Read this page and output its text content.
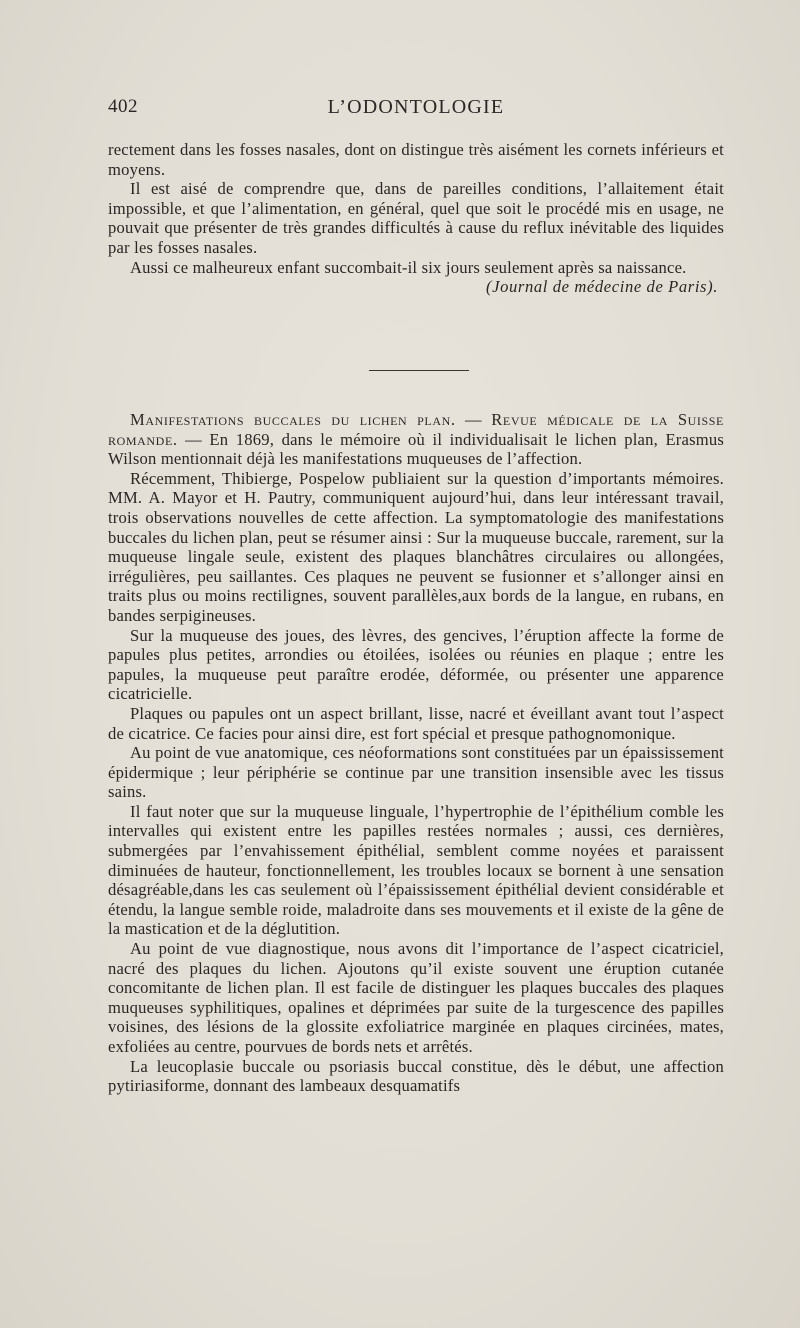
402	L’ODONTOLOGIE

rectement dans les fosses nasales, dont on distingue très aisément les cornets inférieurs et moyens.

Il est aisé de comprendre que, dans de pareilles conditions, l’allaitement était impossible, et que l’alimentation, en général, quel que soit le procédé mis en usage, ne pouvait que présenter de très grandes difficultés à cause du reflux inévitable des liquides par les fosses nasales.

Aussi ce malheureux enfant succombait-il six jours seulement après sa naissance.

(Journal de médecine de Paris).

Manifestations buccales du lichen plan. — Revue médicale de la Suisse romande. — En 1869, dans le mémoire où il individualisait le lichen plan, Erasmus Wilson mentionnait déjà les manifestations muqueuses de l’affection.

Récemment, Thibierge, Pospelow publiaient sur la question d’importants mémoires. MM. A. Mayor et H. Pautry, communiquent aujourd’hui, dans leur intéressant travail, trois observations nouvelles de cette affection. La symptomatologie des manifestations buccales du lichen plan, peut se résumer ainsi : Sur la muqueuse buccale, rarement, sur la muqueuse lingale seule, existent des plaques blanchâtres circulaires ou allongées, irrégulières, peu saillantes. Ces plaques ne peuvent se fusionner et s’allonger ainsi en traits plus ou moins rectilignes, souvent parallèles,aux bords de la langue, en rubans, en bandes serpigineuses.

Sur la muqueuse des joues, des lèvres, des gencives, l’éruption affecte la forme de papules plus petites, arrondies ou étoilées, isolées ou réunies en plaque ; entre les papules, la muqueuse peut paraître erodée, déformée, ou présenter une apparence cicatricielle.

Plaques ou papules ont un aspect brillant, lisse, nacré et éveillant avant tout l’aspect de cicatrice. Ce facies pour ainsi dire, est fort spécial et presque pathognomonique.

Au point de vue anatomique, ces néoformations sont constituées par un épaississement épidermique ; leur périphérie se continue par une transition insensible avec les tissus sains.

Il faut noter que sur la muqueuse linguale, l’hypertrophie de l’épithélium comble les intervalles qui existent entre les papilles restées normales ; aussi, ces dernières, submergées par l’envahissement épithélial, semblent comme noyées et paraissent diminuées de hauteur, fonctionnellement, les troubles locaux se bornent à une sensation désagréable,dans les cas seulement où l’épaississement épithélial devient considérable et étendu, la langue semble roide, maladroite dans ses mouvements et il existe de la gêne de la mastication et de la déglutition.

Au point de vue diagnostique, nous avons dit l’importance de l’aspect cicatriciel, nacré des plaques du lichen. Ajoutons qu’il existe souvent une éruption cutanée concomitante de lichen plan. Il est facile de distinguer les plaques buccales des plaques muqueuses syphilitiques, opalines et déprimées par suite de la turgescence des papilles voisines, des lésions de la glossite exfoliatrice marginée en plaques circinées, mates, exfoliées au centre, pourvues de bords nets et arrêtés.

La leucoplasie buccale ou psoriasis buccal constitue, dès le début, une affection pytiriasiforme, donnant des lambeaux desquamatifs
